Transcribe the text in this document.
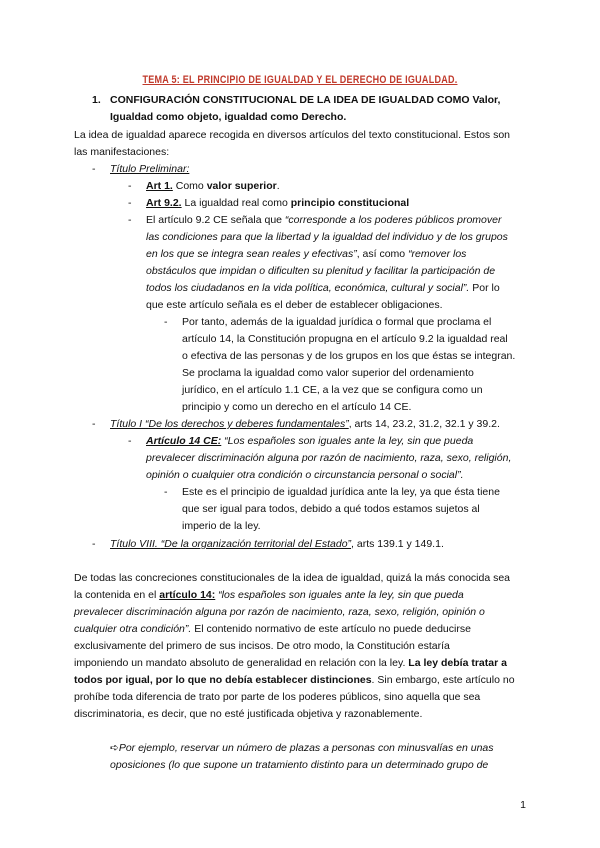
TEMA 5: EL PRINCIPIO DE IGUALDAD Y EL DERECHO DE IGUALDAD.
1. CONFIGURACIÓN CONSTITUCIONAL DE LA IDEA DE IGUALDAD COMO Valor,
Igualdad como objeto, igualdad como Derecho.
La idea de igualdad aparece recogida en diversos artículos del texto constitucional. Estos son
las manifestaciones:
- Título Preliminar:
- Art 1. Como valor superior.
- Art 9.2. La igualdad real como principio constitucional
- El artículo 9.2 CE señala que “corresponde a los poderes públicos promover
las condiciones para que la libertad y la igualdad del individuo y de los grupos
en los que se integra sean reales y efectivas”, así como “remover los
obstáculos que impidan o dificulten su plenitud y facilitar la participación de
todos los ciudadanos en la vida política, económica, cultural y social”. Por lo
que este artículo señala es el deber de establecer obligaciones.
- Por tanto, además de la igualdad jurídica o formal que proclama el
artículo 14, la Constitución propugna en el artículo 9.2 la igualdad real
o efectiva de las personas y de los grupos en los que éstas se integran.
Se proclama la igualdad como valor superior del ordenamiento
jurídico, en el artículo 1.1 CE, a la vez que se configura como un
principio y como un derecho en el artículo 14 CE.
- Título I “De los derechos y deberes fundamentales”, arts 14, 23.2, 31.2, 32.1 y 39.2.
- Artículo 14 CE: “Los españoles son iguales ante la ley, sin que pueda
prevalecer discriminación alguna por razón de nacimiento, raza, sexo, religión,
opinión o cualquier otra condición o circunstancia personal o social”.
- Este es el principio de igualdad jurídica ante la ley, ya que ésta tiene
que ser igual para todos, debido a qué todos estamos sujetos al
imperio de la ley.
- Título VIII. “De la organización territorial del Estado”, arts 139.1 y 149.1.
De todas las concreciones constitucionales de la idea de igualdad, quizá la más conocida sea
la contenida en el artículo 14: “los españoles son iguales ante la ley, sin que pueda
prevalecer discriminación alguna por razón de nacimiento, raza, sexo, religión, opinión o
cualquier otra condición”. El contenido normativo de este artículo no puede deducirse
exclusivamente del primero de sus incisos. De otro modo, la Constitución estaría
imponiendo un mandato absoluto de generalidad en relación con la ley. La ley debía tratar a
todos por igual, por lo que no debía establecer distinciones. Sin embargo, este artículo no
prohíbe toda diferencia de trato por parte de los poderes públicos, sino aquella que sea
discriminatoria, es decir, que no esté justificada objetiva y razonablemente.
➪Por ejemplo, reservar un número de plazas a personas con minusvalías en unas
oposiciones (lo que supone un tratamiento distinto para un determinado grupo de
1
